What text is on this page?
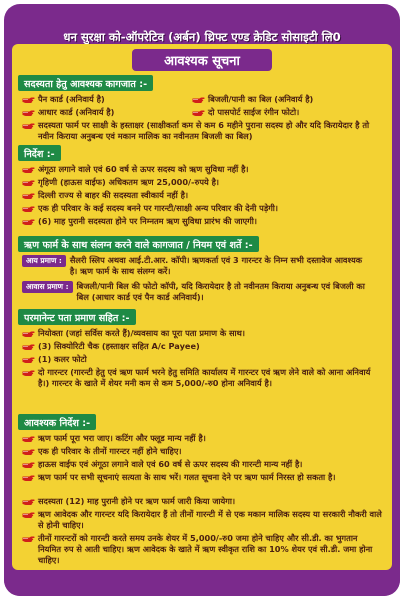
धन सुरक्षा को-ऑपरेटिव (अर्बन) थ्रिफ्ट एण्ड क्रेडिट सोसाइटी लि0
आवश्यक सूचना
सदस्यता हेतु आवश्यक कागजात :-
पैन कार्ड (अनिवार्य है)	बिजली/पानी का बिल (अनिवार्य है)
आधार कार्ड (अनिवार्य है)	दो पासपोर्ट साईज रंगीन फोटो।
सदस्यता फार्म पर साक्षी के हस्ताक्षर (साक्षीकर्ता कम से कम 6 महीने पुराना सदस्य हो और यदि किरायेदार है तो नवीन किराया अनुबन्ध एवं मकान मालिक का नवीनतम बिजली का बिल)
निर्देश :-
अंगूठा लगाने वाले एवं 60 वर्ष से ऊपर सदस्य को ऋण सुविधा नहीं है।
गृहिणी (हाऊस वाईफ) अधिकतम ऋण 25,000/-रुपये है।
दिल्ली राज्य से बाहर की सदस्यता स्वीकार्य नहीं है।
एक ही परिवार के कई सदस्य बनने पर गारन्टी/साक्षी अन्य परिवार की देनी पड़ेगी।
(6) माह पुरानी सदस्यता होने पर निम्नतम ऋण सुविधा प्रारंभ की जाएगी।
ऋण फार्म के साथ संलग्न करने वाले कागजात / नियम एवं शर्ते :-
आय प्रमाण : सैलरी स्लिप अथवा आई.टी.आर. कॉपी। ऋणकर्ता एवं 3 गारन्टर के निम्न सभी दस्तावेज आवश्यक है। ऋण फार्म के साथ संलग्न करें।
आवास प्रमाण : बिजली/पानी बिल की फोटो कॉपी, यदि किरायेदार है तो नवीनतम किराया अनुबन्ध एवं बिजली का बिल (आधार कार्ड एवं पैन कार्ड अनिवार्य)।
परमानेन्ट पता प्रमाण सहित :-
नियोक्ता (जहां सर्विस करते हैं)/व्यवसाय का पूरा पता प्रमाण के साथ।
(3) सिक्योरिटी चैक (हस्ताक्षर सहित A/c Payee)
(1) कलर फोटो
दो गारन्टर (गारन्टी हेतु एवं ऋण फार्म भरने हेतु समिति कार्यालय में गारन्टर एवं ऋण लेने वाले को आना अनिवार्य है।) गारन्टर के खाते में शेयर मनी कम से कम 5,000/-रु0 होना अनिवार्य है।
आवश्यक निर्देश :-
ऋण फार्म पूरा भरा जाए। कटिंग और फ्लूड मान्य नहीं है।
एक ही परिवार के तीनों गारन्टर नहीं होने चाहिए।
हाऊस वाईफ एवं अंगूठा लगाने वाले एवं 60 वर्ष से ऊपर सदस्य की गारन्टी मान्य नहीं है।
ऋण फार्म पर सभी सूचनाएं सत्यता के साथ भरें। गलत सूचना देने पर ऋण फार्म निरस्त हो सकता है।
सदस्यता (12) माह पुरानी होने पर ऋण फार्म जारी किया जायेगा।
ऋण आवेदक और गारन्टर यदि किरायेदार हैं तो तीनों गारन्टी में से एक मकान मालिक सदस्य या सरकारी नौकरी वाले से होनी चाहिए।
तीनों गारन्टरों को गारन्टी करते समय उनके शेयर में 5,000/-रु0 जमा होने चाहिए और सी.डी. का भुगतान नियमित रुप से आती चाहिए। ऋण आवेदक के खाते में ऋण स्वीकृत राशि का 10% शेयर एवं सी.डी. जमा होना चाहिए।
